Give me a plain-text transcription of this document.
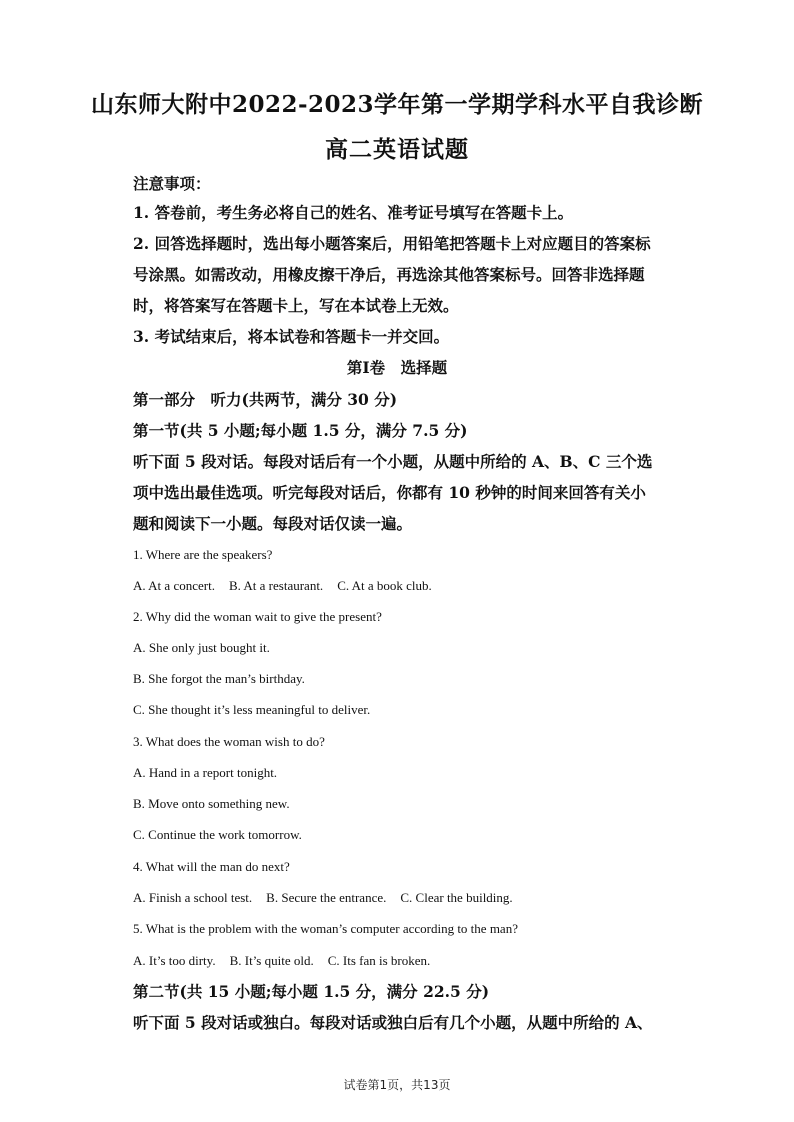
山东师大附中2022-2023学年第一学期学科水平自我诊断
高二英语试题
注意事项：
1. 答卷前，考生务必将自己的姓名、准考证号填写在答题卡上。
2. 回答选择题时，选出每小题答案后，用铅笔把答题卡上对应题目的答案标
号涂黑。如需改动，用橡皮擦干净后，再选涂其他答案标号。回答非选择题
时，将答案写在答题卡上，写在本试卷上无效。
3. 考试结束后，将本试卷和答题卡一并交回。
第I卷　选择题
第一部分　听力(共两节，满分 30 分)
第一节(共 5 小题;每小题 1.5 分，满分 7.5 分)
听下面 5 段对话。每段对话后有一个小题，从题中所给的 A、B、C 三个选
项中选出最佳选项。听完每段对话后，你都有 10 秒钟的时间来回答有关小
题和阅读下一小题。每段对话仅读一遍。
1. Where are the speakers?
A. At a concert. B. At a restaurant. C. At a book club.
2. Why did the woman wait to give the present?
A. She only just bought it.
B. She forgot the man’s birthday.
C. She thought it’s less meaningful to deliver.
3. What does the woman wish to do?
A. Hand in a report tonight.
B. Move onto something new.
C. Continue the work tomorrow.
4. What will the man do next?
A. Finish a school test. B. Secure the entrance. C. Clear the building.
5. What is the problem with the woman’s computer according to the man?
A. It’s too dirty. B. It’s quite old. C. Its fan is broken.
第二节(共 15 小题;每小题 1.5 分，满分 22.5 分)
听下面 5 段对话或独白。每段对话或独白后有几个小题，从题中所给的 A、
试卷第1页，共13页
